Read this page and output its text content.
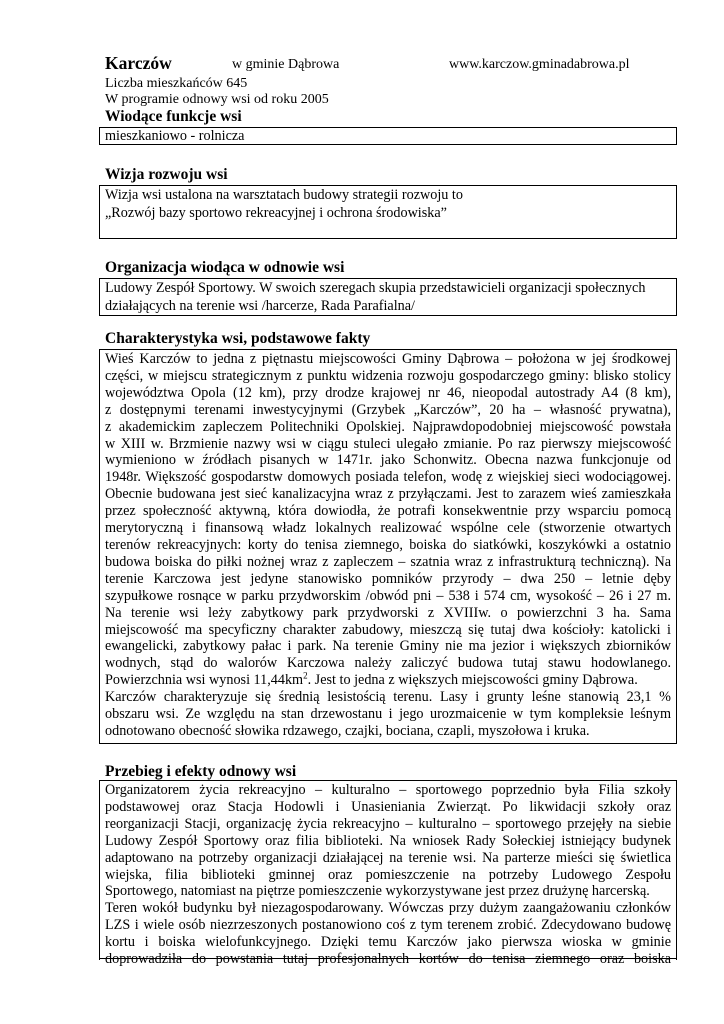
Karczów	w gminie Dąbrowa	www.karczow.gminadabrowa.pl
Liczba mieszkańców 645
W programie odnowy wsi od roku 2005
Wiodące funkcje wsi
mieszkaniowo - rolnicza
Wizja rozwoju wsi
Wizja wsi ustalona na warsztatach budowy strategii rozwoju to
„Rozwój bazy sportowo rekreacyjnej i ochrona środowiska”
Organizacja wiodąca w odnowie wsi
Ludowy Zespół Sportowy. W swoich szeregach skupia przedstawicieli organizacji społecznych
działających na terenie wsi /harcerze, Rada Parafialna/
Charakterystyka wsi, podstawowe fakty
Wieś Karczów to jedna z piętnastu miejscowości Gminy Dąbrowa – położona w jej środkowej
części, w miejscu strategicznym z punktu widzenia rozwoju gospodarczego gminy: blisko stolicy
województwa Opola (12 km), przy drodze krajowej nr 46, nieopodal autostrady A4 (8 km),
z dostępnymi terenami inwestycyjnymi (Grzybek „Karczów”, 20 ha – własność prywatna),
z akademickim zapleczem Politechniki Opolskiej. Najprawdopodobniej miejscowość powstała
w XIII w. Brzmienie nazwy wsi w ciągu stuleci ulegało zmianie. Po raz pierwszy miejscowość
wymieniono w źródłach pisanych w 1471r. jako Schonwitz. Obecna nazwa funkcjonuje od
1948r. Większość gospodarstw domowych posiada telefon, wodę z wiejskiej sieci wodociągowej.
Obecnie budowana jest sieć kanalizacyjna wraz z przyłączami. Jest to zarazem wieś zamieszkała
przez społeczność aktywną, która dowiodła, że potrafi konsekwentnie przy wsparciu pomocą
merytoryczną i finansową władz lokalnych realizować wspólne cele (stworzenie otwartych
terenów rekreacyjnych: korty do tenisa ziemnego, boiska do siatkówki, koszykówki a ostatnio
budowa boiska do piłki nożnej wraz z zapleczem – szatnia wraz z infrastrukturą techniczną). Na
terenie Karczowa jest jedyne stanowisko pomników przyrody – dwa 250 – letnie dęby
szypułkowe rosnące w parku przydworskim /obwód pni – 538 i 574 cm, wysokość – 26 i 27 m.
Na terenie wsi leży zabytkowy park przydworski z XVIIIw. o powierzchni 3 ha. Sama
miejscowość ma specyficzny charakter zabudowy, mieszczą się tutaj dwa kościoły: katolicki i
ewangelicki, zabytkowy pałac i park. Na terenie Gminy nie ma jezior i większych zbiorników
wodnych, stąd do walorów Karczowa należy zaliczyć budowa tutaj stawu hodowlanego.
Powierzchnia wsi wynosi $11,44km^2$. Jest to jedna z większych miejscowości gminy Dąbrowa.
Karczów charakteryzuje się średnią lesistością terenu. Lasy i grunty leśne stanowią 23,1 %
obszaru wsi. Ze względu na stan drzewostanu i jego urozmaicenie w tym kompleksie leśnym
odnotowano obecność słowika rdzawego, czajki, bociana, czapli, myszołowa i kruka.
Przebieg i efekty odnowy wsi
Organizatorem życia rekreacyjno – kulturalno – sportowego poprzednio była Filia szkoły
podstawowej oraz Stacja Hodowli i Unasieniania Zwierząt. Po likwidacji szkoły oraz
reorganizacji Stacji, organizację życia rekreacyjno – kulturalno – sportowego przejęły na siebie
Ludowy Zespół Sportowy oraz filia biblioteki. Na wniosek Rady Sołeckiej istniejący budynek
adaptowano na potrzeby organizacji działającej na terenie wsi. Na parterze mieści się świetlica
wiejska, filia biblioteki gminnej oraz pomieszczenie na potrzeby Ludowego Zespołu
Sportowego, natomiast na piętrze pomieszczenie wykorzystywane jest przez drużynę harcerską.
Teren wokół budynku był niezagospodarowany. Wówczas przy dużym zaangażowaniu członków
LZS i wiele osób niezrzeszonych postanowiono coś z tym terenem zrobić. Zdecydowano budowę
kortu i boiska wielofunkcyjnego. Dzięki temu Karczów jako pierwsza wioska w gminie
doprowadziła do powstania tutaj profesjonalnych kortów do tenisa ziemnego oraz boiska
